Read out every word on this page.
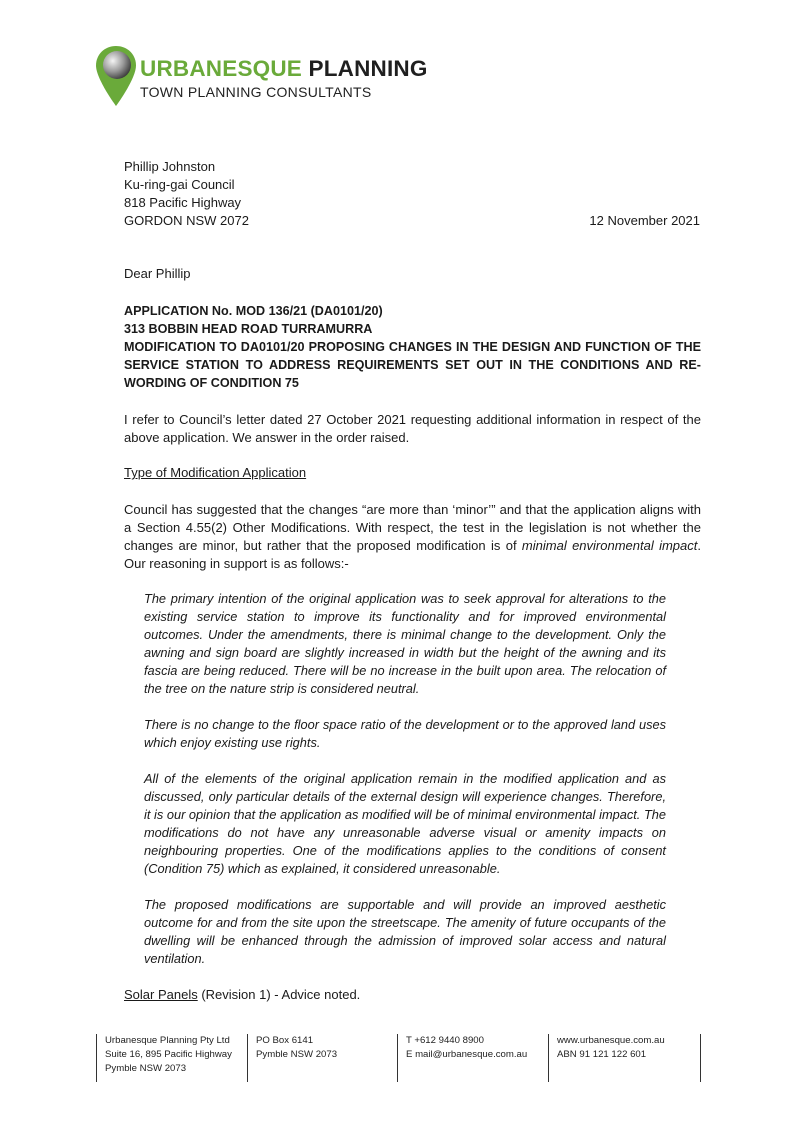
URBANESQUE PLANNING
TOWN PLANNING CONSULTANTS
Phillip Johnston
Ku-ring-gai Council
818 Pacific Highway
GORDON NSW 2072	12 November 2021
Dear Phillip
APPLICATION No. MOD 136/21 (DA0101/20)
313 BOBBIN HEAD ROAD TURRAMURRA
MODIFICATION TO DA0101/20 PROPOSING CHANGES IN THE DESIGN AND FUNCTION OF THE
SERVICE STATION TO ADDRESS REQUIREMENTS SET OUT IN THE CONDITIONS AND RE-
WORDING OF CONDITION 75
I refer to Council’s letter dated 27 October 2021 requesting additional information in respect of the above application. We answer in the order raised.
Type of Modification Application
Council has suggested that the changes “are more than ‘minor’” and that the application aligns with a Section 4.55(2) Other Modifications. With respect, the test in the legislation is not whether the changes are minor, but rather that the proposed modification is of minimal environmental impact. Our reasoning in support is as follows:-
The primary intention of the original application was to seek approval for alterations to the existing service station to improve its functionality and for improved environmental outcomes. Under the amendments, there is minimal change to the development. Only the awning and sign board are slightly increased in width but the height of the awning and its fascia are being reduced. There will be no increase in the built upon area. The relocation of the tree on the nature strip is considered neutral.
There is no change to the floor space ratio of the development or to the approved land uses which enjoy existing use rights.
All of the elements of the original application remain in the modified application and as discussed, only particular details of the external design will experience changes. Therefore, it is our opinion that the application as modified will be of minimal environmental impact. The modifications do not have any unreasonable adverse visual or amenity impacts on neighbouring properties. One of the modifications applies to the conditions of consent (Condition 75) which as explained, it considered unreasonable.
The proposed modifications are supportable and will provide an improved aesthetic outcome for and from the site upon the streetscape. The amenity of future occupants of the dwelling will be enhanced through the admission of improved solar access and natural ventilation.
Solar Panels (Revision 1) - Advice noted.
Urbanesque Planning Pty Ltd
Suite 16, 895 Pacific Highway
Pymble NSW 2073
PO Box 6141
Pymble NSW 2073
T +612 9440 8900
E mail@urbanesque.com.au
www.urbanesque.com.au
ABN 91 121 122 601
